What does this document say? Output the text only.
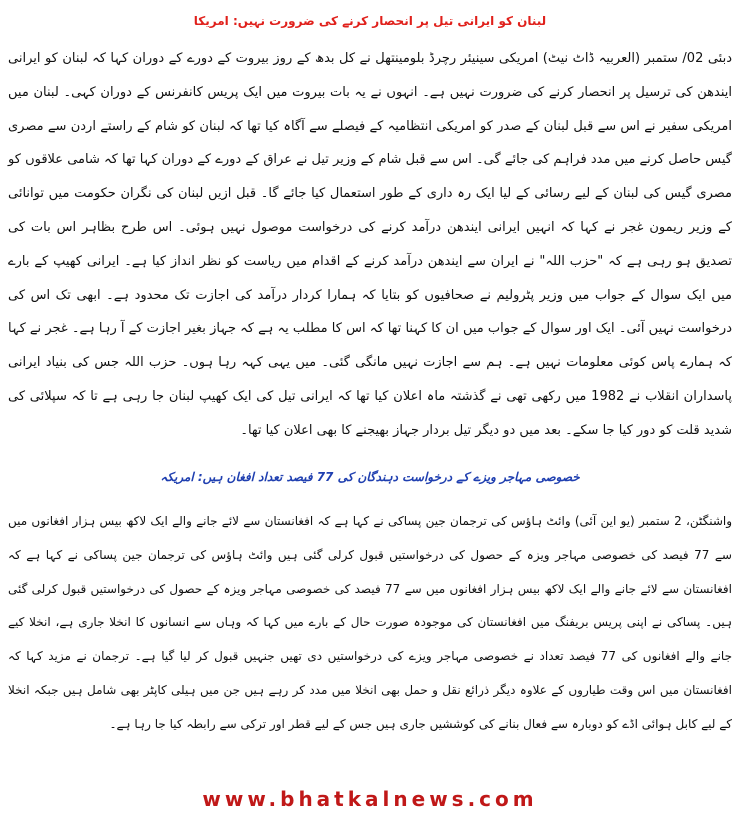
لبنان کو ایرانی تیل پر انحصار کرنے کی ضرورت نہیں: امریکا

دبئی 02/ ستمبر (العربیہ ڈاٹ نیٹ) امریکی سینیئر رچرڈ بلومینتھل نے کل بدھ کے روز بیروت کے دورے کے دوران کہا کہ لبنان کو ایرانی ایندھن کی ترسیل پر انحصار کرنے کی ضرورت نہیں ہے۔ انہوں نے یہ بات بیروت میں ایک پریس کانفرنس کے دوران کہی۔ لبنان میں امریکی سفیر نے اس سے قبل لبنان کے صدر کو امریکی انتظامیہ کے فیصلے سے آگاہ کیا تھا کہ لبنان کو شام کے راستے اردن سے مصری گیس حاصل کرنے میں مدد فراہم کی جائے گی۔ اس سے قبل شام کے وزیر تیل نے عراق کے دورے کے دوران کہا تھا کہ شامی علاقوں کو مصری گیس کی لبنان کے لیے رسائی کے لیا ایک رہ داری کے طور استعمال کیا جائے گا۔ قبل ازیں لبنان کی نگران حکومت میں توانائی کے وزیر ریمون غجر نے کہا کہ انہیں ایرانی ایندھن درآمد کرنے کی درخواست موصول نہیں ہوئی۔ اس طرح بظاہر اس بات کی تصدیق ہو رہی ہے کہ "حزب اللہ" نے ایران سے ایندھن درآمد کرنے کے اقدام میں ریاست کو نظر انداز کیا ہے۔ ایرانی کھیپ کے بارے میں ایک سوال کے جواب میں وزیر پٹرولیم نے صحافیوں کو بتایا کہ ہمارا کردار درآمد کی اجازت تک محدود ہے۔ ابھی تک اس کی درخواست نہیں آئی۔ ایک اور سوال کے جواب میں ان کا کہنا تھا کہ اس کا مطلب یہ ہے کہ جہاز بغیر اجازت کے آ رہا ہے۔ غجر نے کہا کہ ہمارے پاس کوئی معلومات نہیں ہے۔ ہم سے اجازت نہیں مانگی گئی۔ میں یہی کہہ رہا ہوں۔ حزب اللہ جس کی بنیاد ایرانی پاسداران انقلاب نے 1982 میں رکھی تھی نے گذشتہ ماہ اعلان کیا تھا کہ ایرانی تیل کی ایک کھیپ لبنان جا رہی ہے تا کہ سپلائی کی شدید قلت کو دور کیا جا سکے۔ بعد میں دو دیگر تیل بردار جہاز بھیجنے کا بھی اعلان کیا تھا۔

خصوصی مہاجر ویزے کے درخواست دہندگان کی 77 فیصد تعداد افغان ہیں: امریکہ

واشنگٹن، 2 ستمبر (یو این آئی) وائٹ ہاؤس کی ترجمان جین پساکی نے کہا ہے کہ افغانستان سے لائے جانے والے ایک لاکھ بیس ہزار افغانوں میں سے 77 فیصد کی خصوصی مہاجر ویزہ کے حصول کی درخواستیں قبول کرلی گئی ہیں وائٹ ہاؤس کی ترجمان جین پساکی نے کہا ہے کہ افغانستان سے لائے جانے والے ایک لاکھ بیس ہزار افغانوں میں سے 77 فیصد کی خصوصی مہاجر ویزہ کے حصول کی درخواستیں قبول کرلی گئی ہیں۔ پساکی نے اپنی پریس بریفنگ میں افغانستان کی موجودہ صورت حال کے بارے میں کہا کہ وہاں سے انسانوں کا انخلا جاری ہے، انخلا کیے جانے والے افغانوں کی 77 فیصد تعداد نے خصوصی مہاجر ویزے کی درخواستیں دی تھیں جنہیں قبول کر لیا گیا ہے۔ ترجمان نے مزید کہا کہ افغانستان میں اس وقت طیاروں کے علاوہ دیگر ذرائع نقل و حمل بھی انخلا میں مدد کر رہے ہیں جن میں ہیلی کاپٹر بھی شامل ہیں جبکہ انخلا کے لیے کابل ہوائی اڈے کو دوبارہ سے فعال بنانے کی کوششیں جاری ہیں جس کے لیے قطر اور ترکی سے رابطہ کیا جا رہا ہے۔

www.bhatkalnews.com
